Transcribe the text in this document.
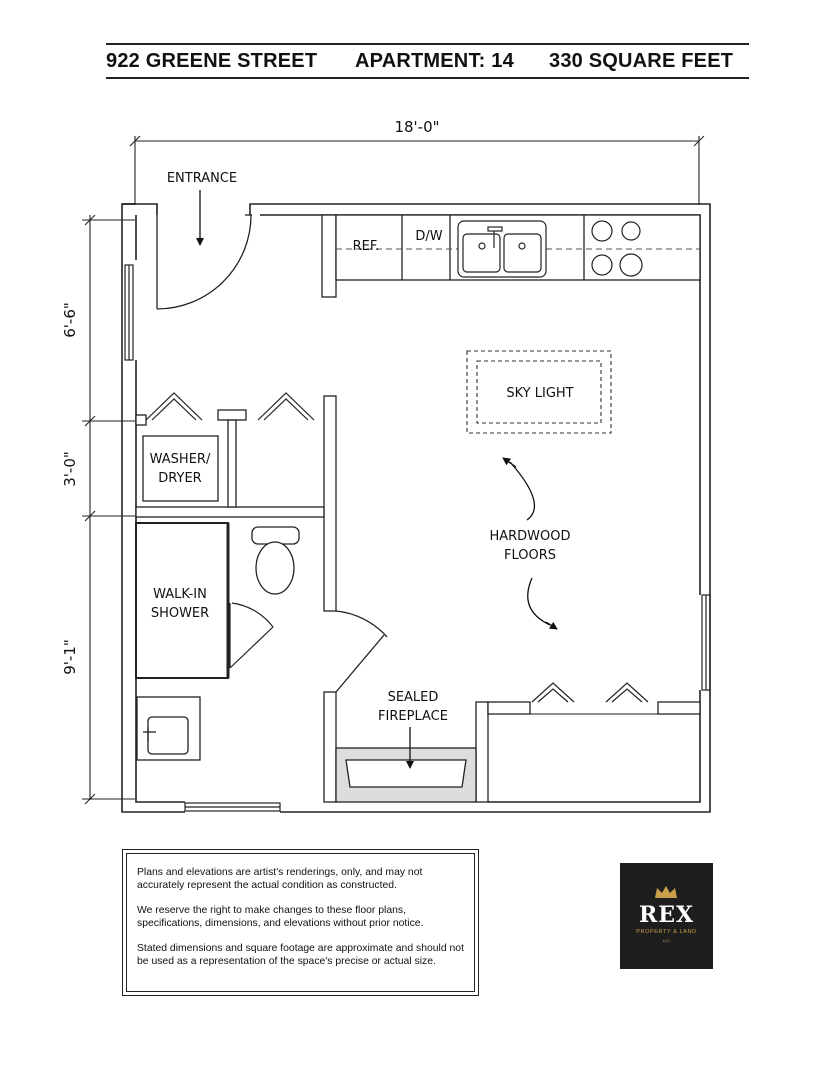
922 GREENE STREET APARTMENT: 14 330 SQUARE FEET
18'-0"
6'-6"
3'-0"
9'-1"
ENTRANCE
REF.
D/W
SKY LIGHT
HARDWOOD
FLOORS
WASHER/
DRYER
WALK-IN
SHOWER
SEALED
FIREPLACE

Plans and elevations are artist's renderings, only, and may not accurately represent the actual condition as constructed.

We reserve the right to make changes to these floor plans, specifications, dimensions, and elevations without prior notice.

Stated dimensions and square footage are approximate and should not be used as a representation of the space's precise or actual size.

REX
PROPERTY & LAND
LLC
